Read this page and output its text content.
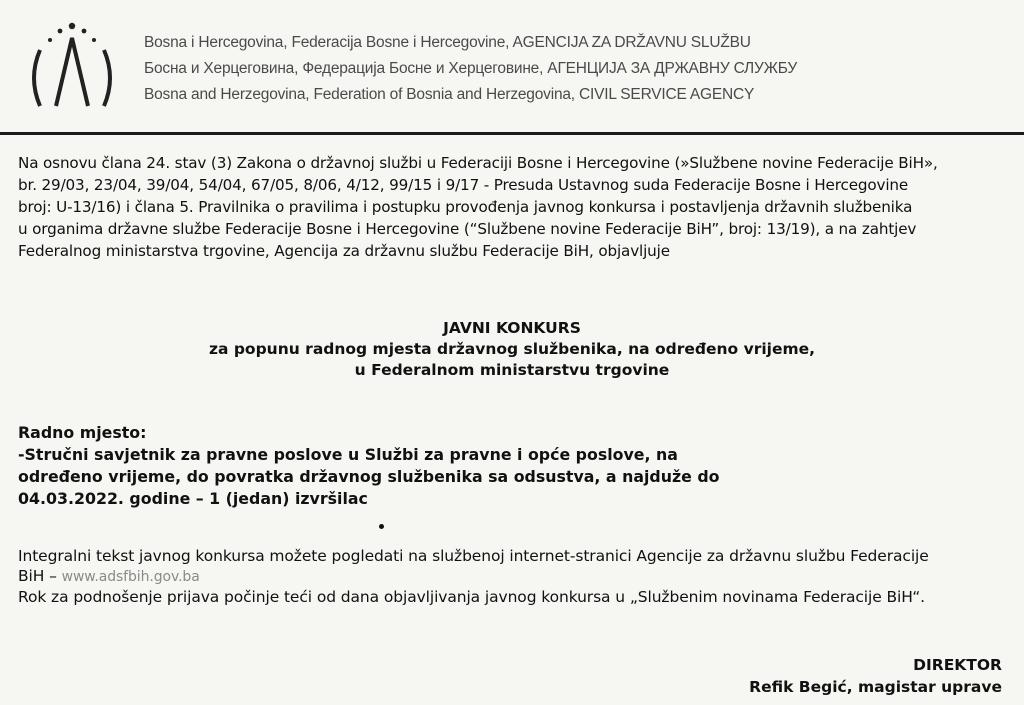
Bosna i Hercegovina, Federacija Bosne i Hercegovine, AGENCIJA ZA DRŽAVNU SLUŽBU
Босна и Херцеговина, Федерација Босне и Херцеговине, АГЕНЦИЈА ЗА ДРЖАВНУ СЛУЖБУ
Bosna and Herzegovina, Federation of Bosnia and Herzegovina, CIVIL SERVICE AGENCY
Na osnovu člana 24. stav (3) Zakona o državnoj službi u Federaciji Bosne i Hercegovine (»Službene novine Federacije BiH»,
br. 29/03, 23/04, 39/04, 54/04, 67/05, 8/06, 4/12, 99/15 i 9/17 - Presuda Ustavnog suda Federacije Bosne i Hercegovine
broj: U-13/16) i člana 5. Pravilnika o pravilima i postupku provođenja javnog konkursa i postavljenja državnih službenika
u organima državne službe Federacije Bosne i Hercegovine (“Službene novine Federacije BiH”, broj: 13/19), a na zahtjev
Federalnog ministarstva trgovine, Agencija za državnu službu Federacije BiH, objavljuje
JAVNI KONKURS
za popunu radnog mjesta državnog službenika, na određeno vrijeme,
u Federalnom ministarstvu trgovine
Radno mjesto:
-Stručni savjetnik za pravne poslove u Službi za pravne i opće poslove, na
određeno vrijeme, do povratka državnog službenika sa odsustva, a najduže do
04.03.2022. godine – 1 (jedan) izvršilac
Integralni tekst javnog konkursa možete pogledati na službenoj internet-stranici Agencije za državnu službu Federacije
BiH – www.adsfbih.gov.ba
Rok za podnošenje prijava počinje teći od dana objavljivanja javnog konkursa u „Službenim novinama Federacije BiH“.
DIREKTOR
Refik Begić, magistar uprave
